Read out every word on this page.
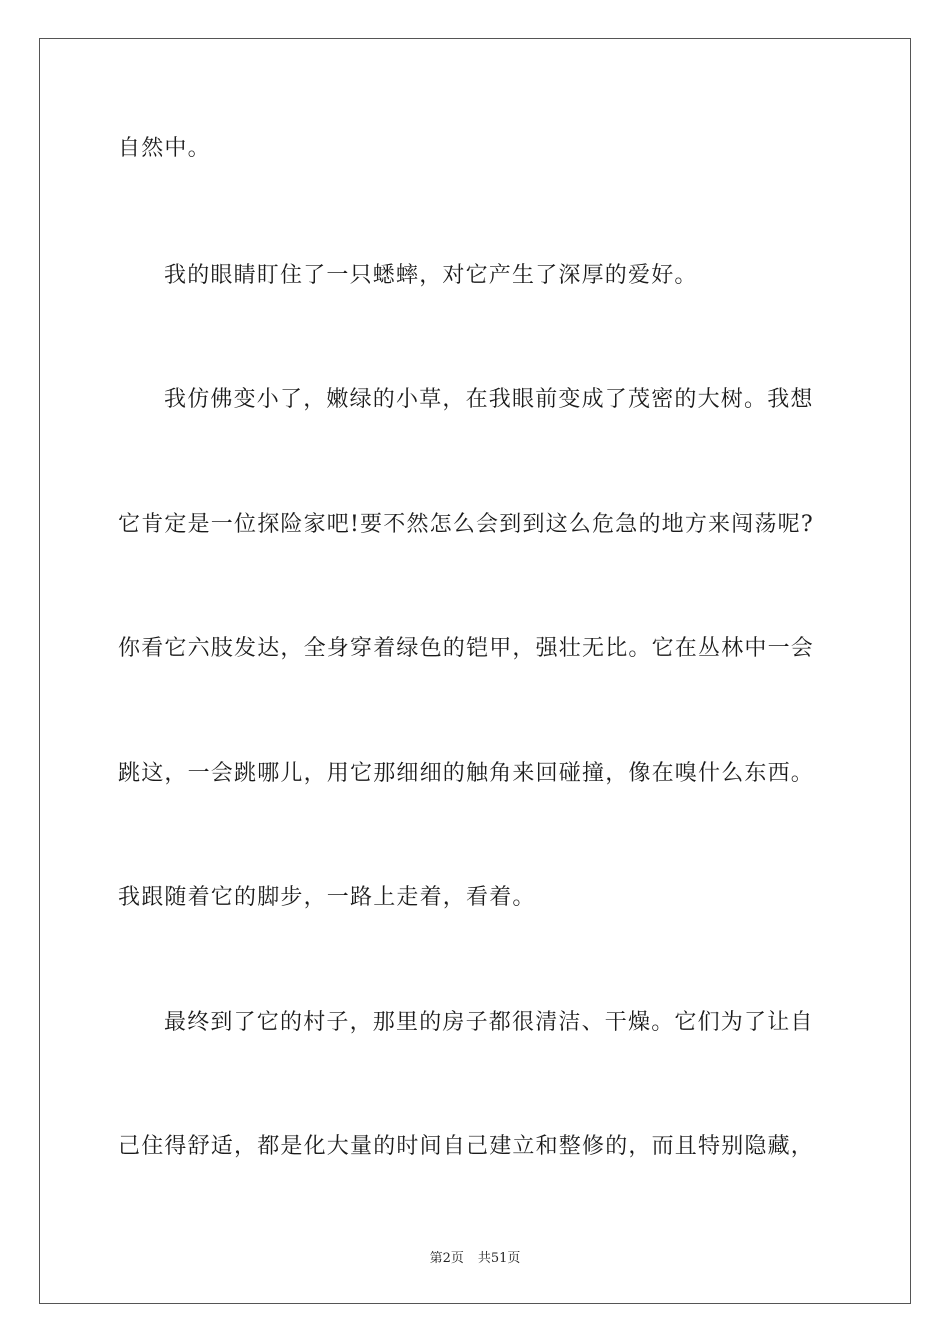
自然中。
我的眼睛盯住了一只蟋蟀，对它产生了深厚的爱好。
我仿佛变小了，嫩绿的小草，在我眼前变成了茂密的大树。我想
它肯定是一位探险家吧!要不然怎么会到到这么危急的地方来闯荡呢?
你看它六肢发达，全身穿着绿色的铠甲，强壮无比。它在丛林中一会
跳这，一会跳哪儿，用它那细细的触角来回碰撞，像在嗅什么东西。
我跟随着它的脚步，一路上走着，看着。
最终到了它的村子，那里的房子都很清洁、干燥。它们为了让自
己住得舒适，都是化大量的时间自己建立和整修的，而且特别隐藏，
第2页 共51页
